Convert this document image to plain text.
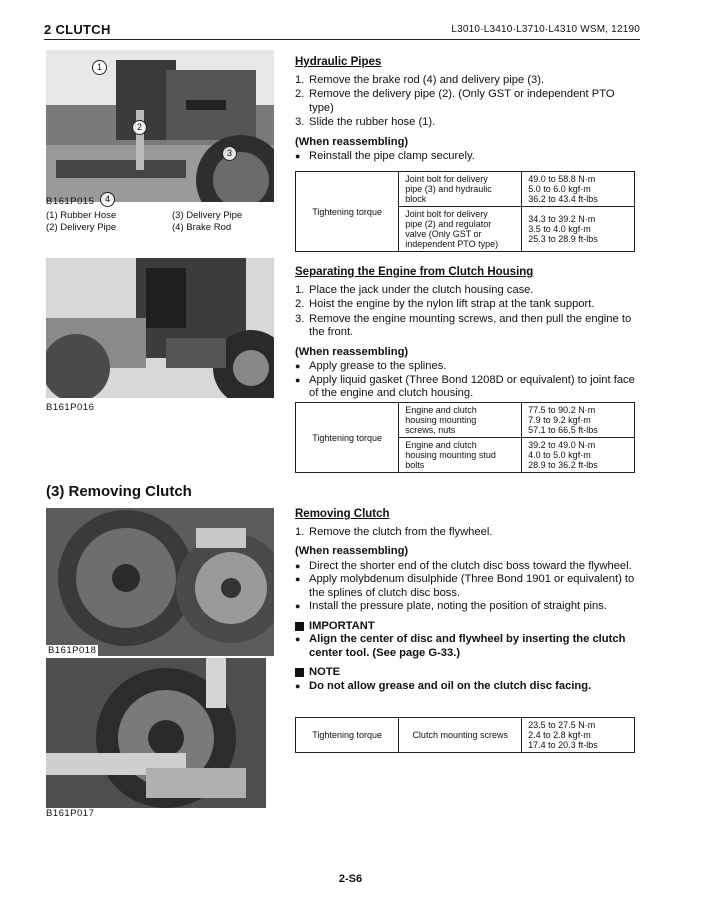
2 CLUTCH	L3010·L3410·L3710·L4310 WSM, 12190
1
2
3
4
B161P015
(1) Rubber Hose	(3) Delivery Pipe
(2) Delivery Pipe	(4) Brake Rod
B161P016
(3) Removing Clutch
B161P018
B161P017
Hydraulic Pipes
1. Remove the brake rod (4) and delivery pipe (3).
2. Remove the delivery pipe (2). (Only GST or independent PTO type)
3. Slide the rubber hose (1).
(When reassembling)
● Reinstall the pipe clamp securely.
Tightening torque	Joint bolt for delivery
pipe (3) and hydraulic
block	49.0 to 58.8 N·m
5.0 to 6.0 kgf·m
36.2 to 43.4 ft-lbs

	Joint bolt for delivery
pipe (2) and regulator
valve (Only GST or
independent PTO type)	34.3 to 39.2 N·m
3.5 to 4.0 kgf·m
25.3 to 28.9 ft-lbs
Separating the Engine from Clutch Housing
1. Place the jack under the clutch housing case.
2. Hoist the engine by the nylon lift strap at the tank support.
3. Remove the engine mounting screws, and then pull the engine to the front.
(When reassembling)
● Apply grease to the splines.
● Apply liquid gasket (Three Bond 1208D or equivalent) to joint face of the engine and clutch housing.
Tightening torque	Engine and clutch
housing mounting
screws, nuts	77.5 to 90.2 N·m
7.9 to 9.2 kgf·m
57.1 to 66.5 ft-lbs

	Engine and clutch
housing mounting stud
bolts	39.2 to 49.0 N·m
4.0 to 5.0 kgf·m
28.9 to 36.2 ft-lbs
Removing Clutch
1. Remove the clutch from the flywheel.
(When reassembling)
● Direct the shorter end of the clutch disc boss toward the flywheel.
● Apply molybdenum disulphide (Three Bond 1901 or equivalent) to the splines of clutch disc boss.
● Install the pressure plate, noting the position of straight pins.
IMPORTANT
● Align the center of disc and flywheel by inserting the clutch center tool. (See page G-33.)
NOTE
● Do not allow grease and oil on the clutch disc facing.
Tightening torque	Clutch mounting screws

23.5 to 27.5 N·m
2.4 to 2.8 kgf·m
17.4 to 20.3 ft-lbs
2-S6
